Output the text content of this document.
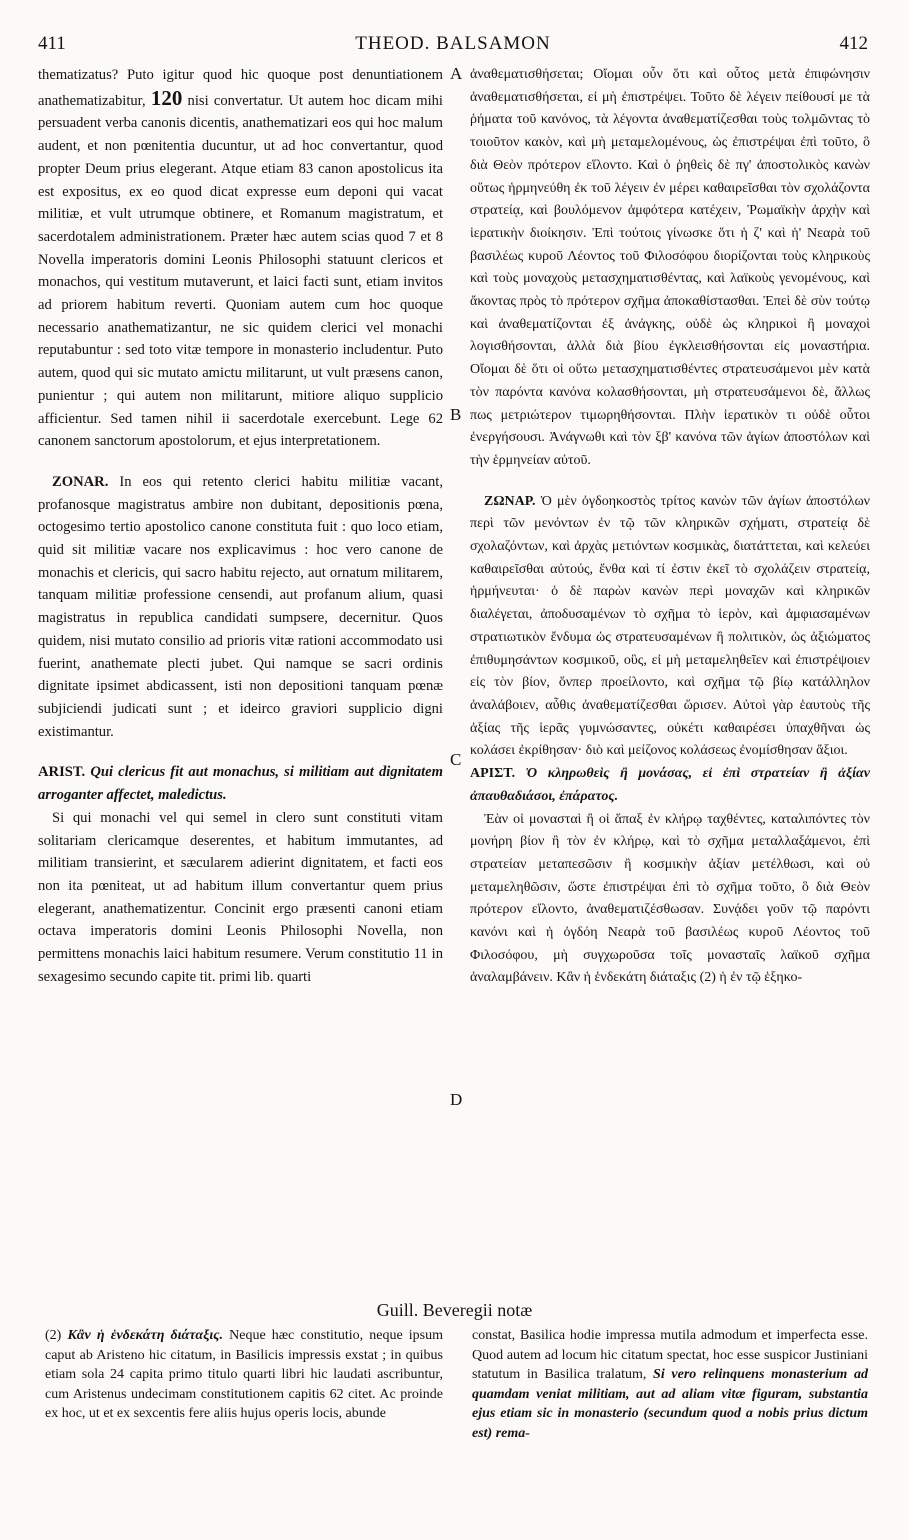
411	THEOD. BALSAMON	412
A
B
C
D

thematizatus? Puto igitur quod hic quoque post denuntiationem anathematizabitur, 120 nisi convertatur. Ut autem hoc dicam mihi persuadent verba canonis dicentis, anathematizari eos qui hoc malum audent, et non pœnitentia ducuntur, ut ad hoc convertantur, quod propter Deum prius elegerant. Atque etiam 83 canon apostolicus ita est expositus, ex eo quod dicat expresse eum deponi qui vacat militiæ, et vult utrumque obtinere, et Romanum magistratum, et sacerdotalem administrationem. Præter hæc autem scias quod 7 et 8 Novella imperatoris domini Leonis Philosophi statuunt clericos et monachos, qui vestitum mutaverunt, et laici facti sunt, etiam invitos ad priorem habitum reverti. Quoniam autem cum hoc quoque necessario anathematizantur, ne sic quidem clerici vel monachi reputabuntur : sed toto vitæ tempore in monasterio includentur. Puto autem, quod qui sic mutato amictu militarunt, ut vult præsens canon, punientur ; qui autem non militarunt, mitiore aliquo supplicio afficientur. Sed tamen nihil ii sacerdotale exercebunt. Lege 62 canonem sanctorum apostolorum, et ejus interpretationem.

ZONAR. In eos qui retento clerici habitu militiæ vacant, profanosque magistratus ambire non dubitant, depositionis pœna, octogesimo tertio apostolico canone constituta fuit : quo loco etiam, quid sit militiæ vacare nos explicavimus : hoc vero canone de monachis et clericis, qui sacro habitu rejecto, aut ornatum militarem, tanquam militiæ professione censendi, aut profanum alium, quasi magistratus in republica candidati sumpsere, decernitur. Quos quidem, nisi mutato consilio ad prioris vitæ rationi accommodato usi fuerint, anathemate plecti jubet. Qui namque se sacri ordinis dignitate ipsimet abdicassent, isti non depositioni tanquam pœnæ subjiciendi judicati sunt ; et ideirco graviori supplicio digni existimantur.

ARIST. Qui clericus fit aut monachus, si militiam aut dignitatem arroganter affectet, maledictus.

Si qui monachi vel qui semel in clero sunt constituti vitam solitariam clericamque deserentes, et habitum immutantes, ad militiam transierint, et sæcularem adierint dignitatem, et facti eos non ita pœniteat, ut ad habitum illum convertantur quem prius elegerant, anathematizentur. Concinit ergo præsenti canoni etiam octava imperatoris domini Leonis Philosophi Novella, non permittens monachis laici habitum resumere. Verum constitutio 11 in sexagesimo secundo capite tit. primi lib. quarti

ἀναθεματισθήσεται; Οἴομαι οὖν ὅτι καὶ οὗτος μετὰ ἐπιφώνησιν ἀναθεματισθήσεται, εἰ μὴ ἐπιστρέψει. Τοῦτο δὲ λέγειν πείθουσί με τὰ ῥήματα τοῦ κανόνος, τὰ λέγοντα ἀναθεματίζεσθαι τοὺς τολμῶντας τὸ τοιοῦτον κακὸν, καὶ μὴ μεταμελομένους, ὡς ἐπιστρέψαι ἐπὶ τοῦτο, ὃ διὰ Θεὸν πρότερον εἵλοντο. Καὶ ὁ ῥηθεὶς δὲ πγ' ἀποστολικὸς κανὼν οὕτως ἡρμηνεύθη ἐκ τοῦ λέγειν ἐν μέρει καθαιρεῖσθαι τὸν σχολάζοντα στρατείᾳ, καὶ βουλόμενον ἀμφότερα κατέχειν, Ῥωμαϊκὴν ἀρχὴν καὶ ἱερατικὴν διοίκησιν. Ἐπὶ τούτοις γίνωσκε ὅτι ἡ ζ' καὶ ἡ' Νεαρὰ τοῦ βασιλέως κυροῦ Λέοντος τοῦ Φιλοσόφου διορίζονται τοὺς κληρικοὺς καὶ τοὺς μοναχοὺς μετασχηματισθέντας, καὶ λαϊκοὺς γενομένους, καὶ ἄκοντας πρὸς τὸ πρότερον σχῆμα ἀποκαθίστασθαι. Ἐπεὶ δὲ σὺν τούτῳ καὶ ἀναθεματίζονται ἐξ ἀνάγκης, οὐδὲ ὡς κληρικοὶ ἢ μοναχοὶ λογισθήσονται, ἀλλὰ διὰ βίου ἐγκλεισθήσονται εἰς μοναστήρια. Οἴομαι δὲ ὅτι οἱ οὕτω μετασχηματισθέντες στρατευσάμενοι μὲν κατὰ τὸν παρόντα κανόνα κολασθήσονται, μὴ στρατευσάμενοι δὲ, ἄλλως πως μετριώτερον τιμωρηθήσονται. Πλὴν ἱερατικὸν τι οὐδὲ οὗτοι ἐνεργήσουσι. Ἀνάγνωθι καὶ τὸν ξβ' κανόνα τῶν ἁγίων ἀποστόλων καὶ τὴν ἑρμηνείαν αὐτοῦ.

ΖΩΝΑΡ. Ὁ μὲν ὀγδοηκοστὸς τρίτος κανὼν τῶν ἁγίων ἀποστόλων περὶ τῶν μενόντων ἐν τῷ τῶν κληρικῶν σχήματι, στρατείᾳ δὲ σχολαζόντων, καὶ ἀρχὰς μετιόντων κοσμικὰς, διατάττεται, καὶ κελεύει καθαιρεῖσθαι αὐτούς, ἔνθα καὶ τί ἐστιν ἐκεῖ τὸ σχολάζειν στρατείᾳ, ἡρμήνευται· ὁ δὲ παρὼν κανὼν περὶ μοναχῶν καὶ κληρικῶν διαλέγεται, ἀποδυσαμένων τὸ σχῆμα τὸ ἱερὸν, καὶ ἀμφιασαμένων στρατιωτικὸν ἔνδυμα ὡς στρατευσαμένων ἢ πολιτικὸν, ὡς ἀξιώματος ἐπιθυμησάντων κοσμικοῦ, οὓς, εἰ μὴ μεταμεληθεῖεν καὶ ἐπιστρέψοιεν εἰς τὸν βίον, ὅνπερ προείλοντο, καὶ σχῆμα τῷ βίῳ κατάλληλον ἀναλάβοιεν, αὖθις ἀναθεματίζεσθαι ὥρισεν. Αὐτοὶ γὰρ ἑαυτοὺς τῆς ἀξίας τῆς ἱερᾶς γυμνώσαντες, οὐκέτι καθαιρέσει ὑπαχθῆναι ὡς κολάσει ἐκρίθησαν· διὸ καὶ μείζονος κολάσεως ἐνομίσθησαν ἄξιοι.

ΑΡΙΣΤ. Ὁ κληρωθεὶς ἢ μονάσας, εἰ ἐπὶ στρατείαν ἢ ἀξίαν ἀπαυθαδιάσοι, ἐπάρατος.

Ἐὰν οἱ μονασταὶ ἢ οἱ ἅπαξ ἐν κλήρῳ ταχθέντες, καταλιπόντες τὸν μονήρη βίον ἢ τὸν ἐν κλήρῳ, καὶ τὸ σχῆμα μεταλλαξάμενοι, ἐπὶ στρατείαν μεταπεσῶσιν ἢ κοσμικὴν ἀξίαν μετέλθωσι, καὶ οὐ μεταμεληθῶσιν, ὥστε ἐπιστρέψαι ἐπὶ τὸ σχῆμα τοῦτο, ὃ διὰ Θεὸν πρότερον εἵλοντο, ἀναθεματιζέσθωσαν. Συνᾴδει γοῦν τῷ παρόντι κανόνι καὶ ἡ ὀγδόη Νεαρὰ τοῦ βασιλέως κυροῦ Λέοντος τοῦ Φιλοσόφου, μὴ συγχωροῦσα τοῖς μονασταῖς λαϊκοῦ σχῆμα ἀναλαμβάνειν. Κἂν ἡ ἑνδεκάτη διάταξις (2) ἡ ἐν τῷ ἑξηκο-

Guill. Beveregii notæ

(2) Κἂν ἡ ἑνδεκάτη διάταξις. Neque hæc constitutio, neque ipsum caput ab Aristeno hic citatum, in Basilicis impressis exstat ; in quibus etiam sola 24 capita primo titulo quarti libri hic laudati ascribuntur, cum Aristenus undecimam constitutionem capitis 62 citet. Ac proinde ex hoc, ut et ex sexcentis fere aliis hujus operis locis, abunde

constat, Basilica hodie impressa mutila admodum et imperfecta esse. Quod autem ad locum hic citatum spectat, hoc esse suspicor Justiniani statutum in Basilica tralatum, Si vero relinquens monasterium ad quamdam veniat militiam, aut ad aliam vitæ figuram, substantia ejus etiam sic in monasterio (secundum quod a nobis prius dictum est) rema-
